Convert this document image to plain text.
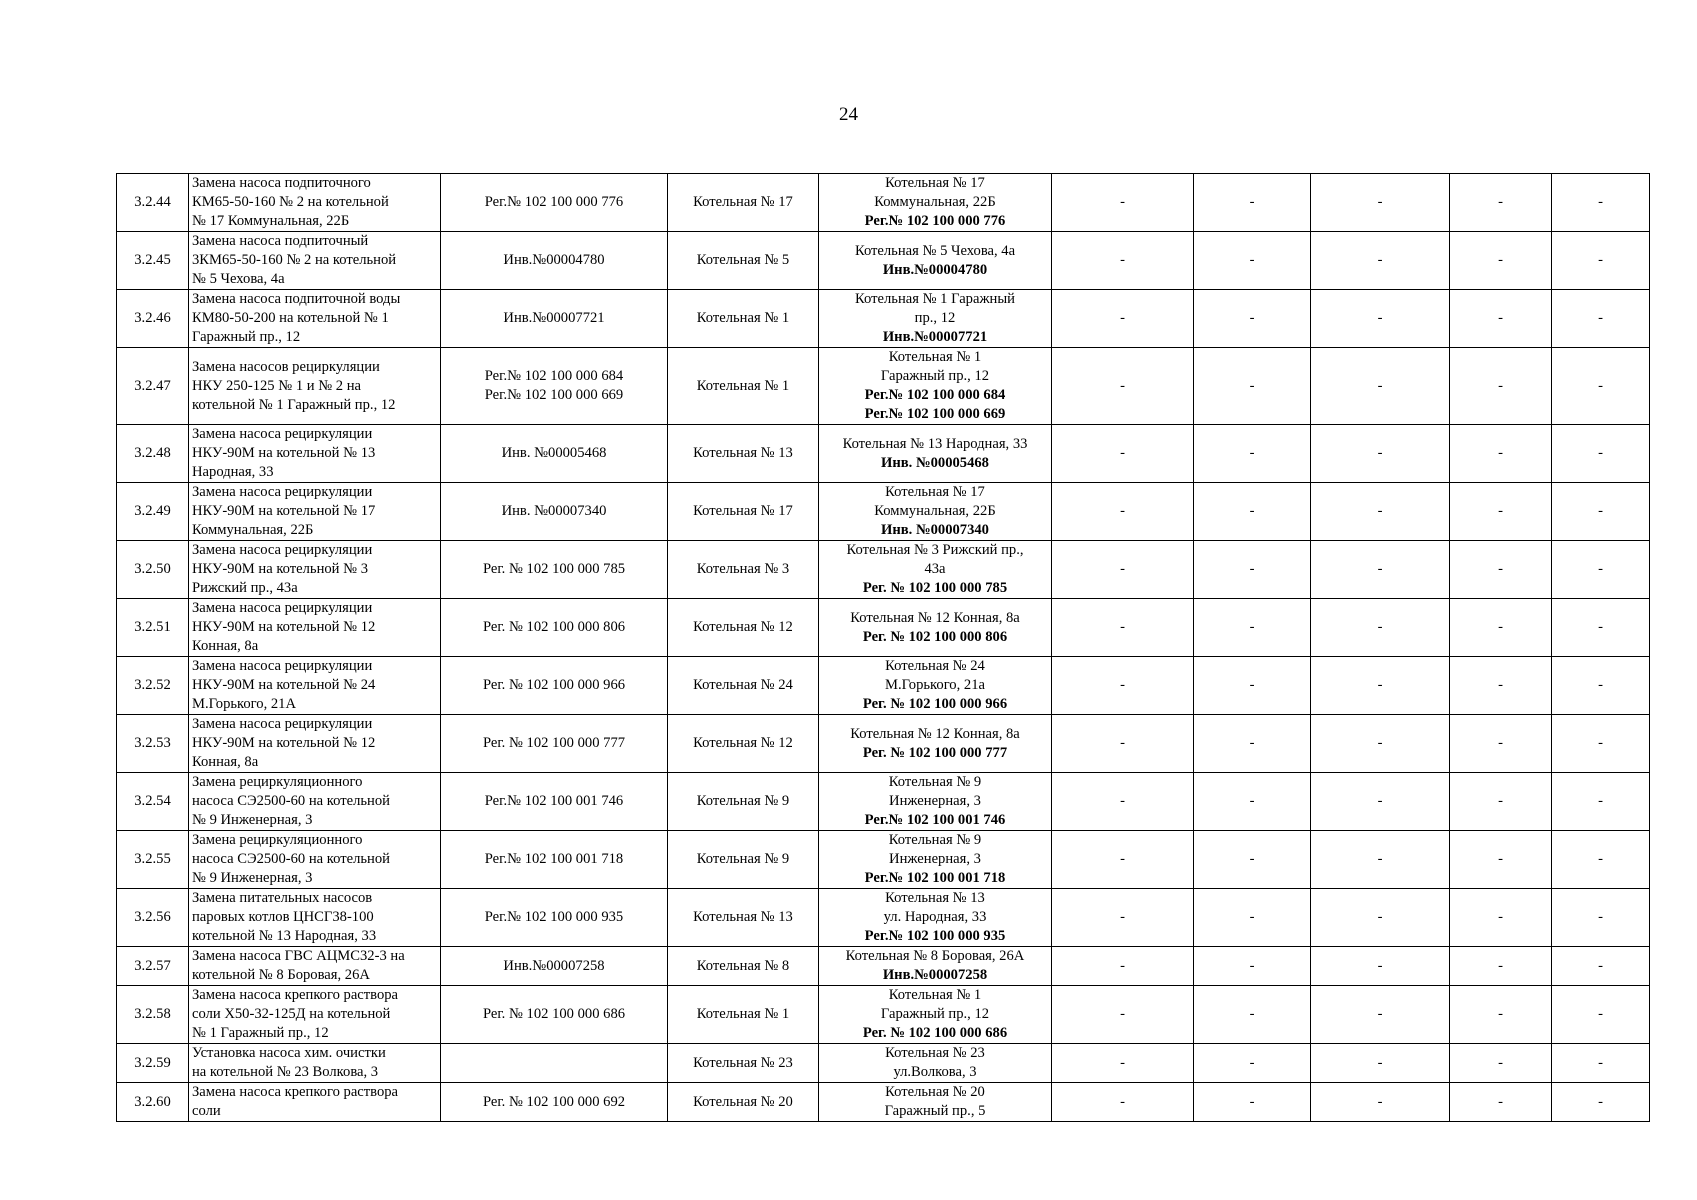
24
3.2.44	Замена насоса подпиточного
КМ65-50-160 № 2 на котельной
№ 17 Коммунальная, 22Б	Рег.№ 102 100 000 776	Котельная № 17	Котельная № 17
Коммунальная, 22Б
Рег.№ 102 100 000 776	-	-	-	-	-
3.2.45	Замена насоса подпиточный
3КМ65-50-160 № 2 на котельной
№ 5 Чехова, 4а	Инв.№00004780	Котельная № 5	Котельная № 5 Чехова, 4а
Инв.№00004780	-	-	-	-	-
3.2.46	Замена насоса подпиточной воды
КМ80-50-200 на котельной № 1
Гаражный пр., 12	Инв.№00007721	Котельная № 1	Котельная № 1 Гаражный
пр., 12
Инв.№00007721	-	-	-	-	-
3.2.47	Замена насосов рециркуляции
НКУ 250-125 № 1 и № 2 на
котельной № 1 Гаражный пр., 12	Рег.№ 102 100 000 684
Рег.№ 102 100 000 669	Котельная № 1	Котельная № 1
Гаражный пр., 12
Рег.№ 102 100 000 684
Рег.№ 102 100 000 669	-	-	-	-	-
3.2.48	Замена насоса рециркуляции
НКУ-90М на котельной № 13
Народная, 33	Инв. №00005468	Котельная № 13	Котельная № 13 Народная, 33
Инв. №00005468	-	-	-	-	-
3.2.49	Замена насоса рециркуляции
НКУ-90М на котельной № 17
Коммунальная, 22Б	Инв. №00007340	Котельная № 17	Котельная № 17
Коммунальная, 22Б
Инв. №00007340	-	-	-	-	-
3.2.50	Замена насоса рециркуляции
НКУ-90М на котельной № 3
Рижский пр., 43а	Рег. № 102 100 000 785	Котельная № 3	Котельная № 3 Рижский пр.,
43а
Рег. № 102 100 000 785	-	-	-	-	-
3.2.51	Замена насоса рециркуляции
НКУ-90М на котельной № 12
Конная, 8а	Рег. № 102 100 000 806	Котельная № 12	Котельная № 12 Конная, 8а
Рег. № 102 100 000 806	-	-	-	-	-
3.2.52	Замена насоса рециркуляции
НКУ-90М на котельной № 24
М.Горького, 21А	Рег. № 102 100 000 966	Котельная № 24	Котельная № 24
М.Горького, 21а
Рег. № 102 100 000 966	-	-	-	-	-
3.2.53	Замена насоса рециркуляции
НКУ-90М на котельной № 12
Конная, 8а	Рег. № 102 100 000 777	Котельная № 12	Котельная № 12 Конная, 8а
Рег. № 102 100 000 777	-	-	-	-	-
3.2.54	Замена рециркуляционного
насоса СЭ2500-60 на котельной
№ 9 Инженерная, 3	Рег.№ 102 100 001 746	Котельная № 9	Котельная № 9
Инженерная, 3
Рег.№ 102 100 001 746	-	-	-	-	-
3.2.55	Замена рециркуляционного
насоса СЭ2500-60 на котельной
№ 9 Инженерная, 3	Рег.№ 102 100 001 718	Котельная № 9	Котельная № 9
Инженерная, 3
Рег.№ 102 100 001 718	-	-	-	-	-
3.2.56	Замена питательных насосов
паровых котлов ЦНСГ38-100
котельной № 13 Народная, 33	Рег.№ 102 100 000 935	Котельная № 13	Котельная № 13
ул. Народная, 33
Рег.№ 102 100 000 935	-	-	-	-	-
3.2.57	Замена насоса ГВС АЦМС32-3 на
котельной № 8 Боровая, 26А	Инв.№00007258	Котельная № 8	Котельная № 8 Боровая, 26А
Инв.№00007258	-	-	-	-	-
3.2.58	Замена насоса крепкого раствора
соли Х50-32-125Д на котельной
№ 1 Гаражный пр., 12	Рег. № 102 100 000 686	Котельная № 1	Котельная № 1
Гаражный пр., 12
Рег. № 102 100 000 686	-	-	-	-	-
3.2.59	Установка насоса хим. очистки
на котельной № 23 Волкова, 3		Котельная № 23	Котельная № 23
ул.Волкова, 3	-	-	-	-	-
3.2.60	Замена насоса крепкого раствора
соли	Рег. № 102 100 000 692	Котельная № 20	Котельная № 20
Гаражный пр., 5	-	-	-	-	-
